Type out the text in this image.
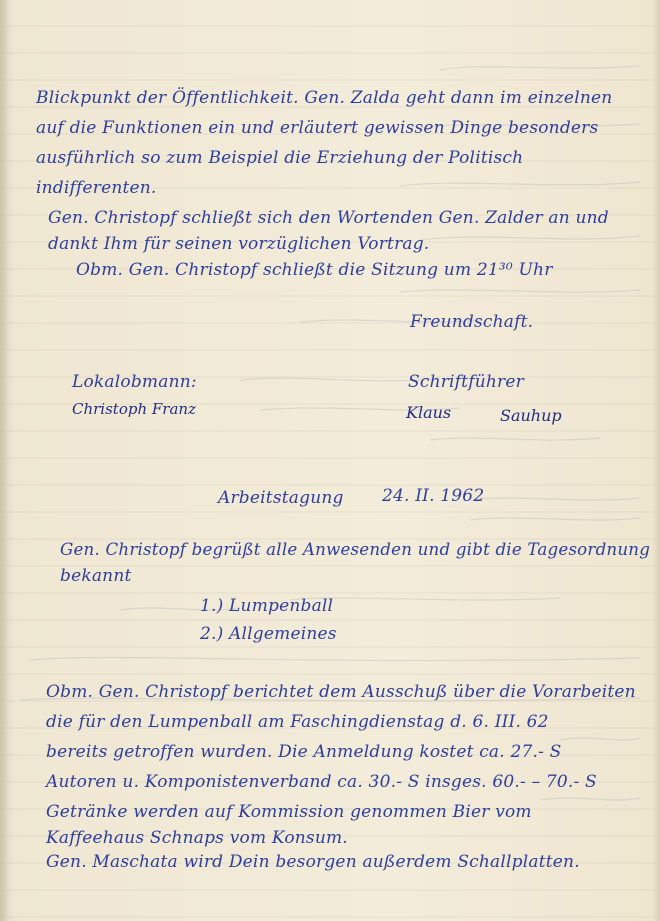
Blickpunkt der Öffentlichkeit. Gen. Zalda geht dann im einzelnen
auf die Funktionen ein und erläutert gewissen Dinge besonders
ausführlich so zum Beispiel die Erziehung der Politisch
indifferenten.
Gen. Christopf schließt sich den Wortenden Gen. Zalder an und
dankt Ihm für seinen vorzüglichen Vortrag.
Obm. Gen. Christopf schließt die Sitzung um 21³⁰ Uhr
Freundschaft.
Lokalobmann:
Christoph Franz
Schriftführer
Klaus	Sauhup
Arbeitstagung 24. II. 1962
Gen. Christopf begrüßt alle Anwesenden und gibt die Tagesordnung
bekannt
1.) Lumpenball
2.) Allgemeines
Obm. Gen. Christopf berichtet dem Ausschuß über die Vorarbeiten
die für den Lumpenball am Faschingdienstag d. 6. III. 62
bereits getroffen wurden. Die Anmeldung kostet ca. 27.- S
Autoren u. Komponistenverband ca. 30.- S insges. 60.- – 70.- S
Getränke werden auf Kommission genommen Bier vom
Kaffeehaus Schnaps vom Konsum.
Gen. Maschata wird Dein besorgen außerdem Schallplatten.
